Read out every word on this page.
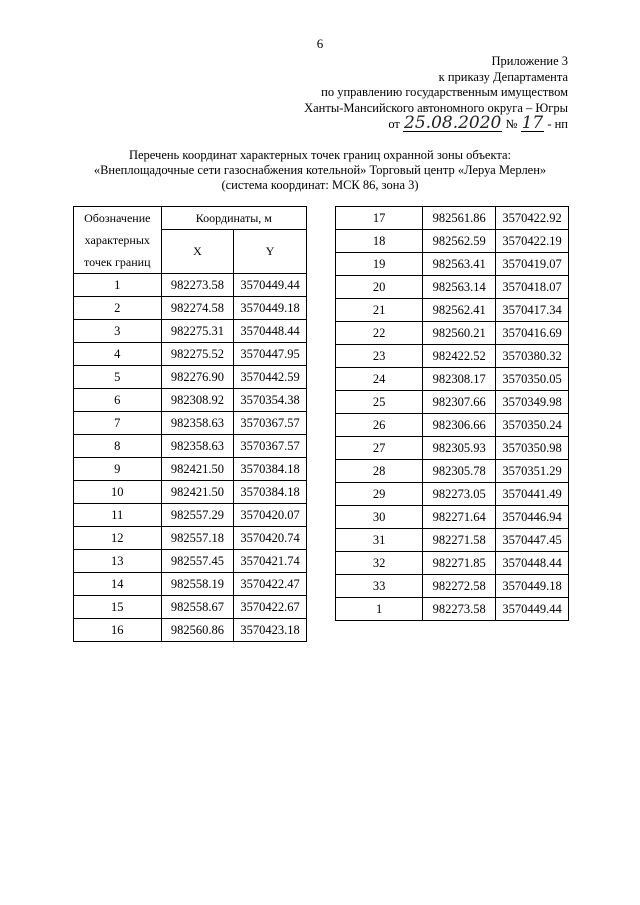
6
Приложение 3
к приказу Департамента
по управлению государственным имуществом
Ханты-Мансийского автономного округа – Югры
от 25.08.2020 № 17 - нп
Перечень координат характерных точек границ охранной зоны объекта:
«Внеплощадочные сети газоснабжения котельной» Торговый центр «Леруа Мерлен»
(система координат: МСК 86, зона 3)
Обозначение
характерных
точек границ	Координаты, м	
	X	Y
1	982273.58	3570449.44
2	982274.58	3570449.18
3	982275.31	3570448.44
4	982275.52	3570447.95
5	982276.90	3570442.59
6	982308.92	3570354.38
7	982358.63	3570367.57
8	982358.63	3570367.57
9	982421.50	3570384.18
10	982421.50	3570384.18
11	982557.29	3570420.07
12	982557.18	3570420.74
13	982557.45	3570421.74
14	982558.19	3570422.47
15	982558.67	3570422.67
16	982560.86	3570423.18
17	982561.86	3570422.92
18	982562.59	3570422.19
19	982563.41	3570419.07
20	982563.14	3570418.07
21	982562.41	3570417.34
22	982560.21	3570416.69
23	982422.52	3570380.32
24	982308.17	3570350.05
25	982307.66	3570349.98
26	982306.66	3570350.24
27	982305.93	3570350.98
28	982305.78	3570351.29
29	982273.05	3570441.49
30	982271.64	3570446.94
31	982271.58	3570447.45
32	982271.85	3570448.44
33	982272.58	3570449.18
1	982273.58	3570449.44
